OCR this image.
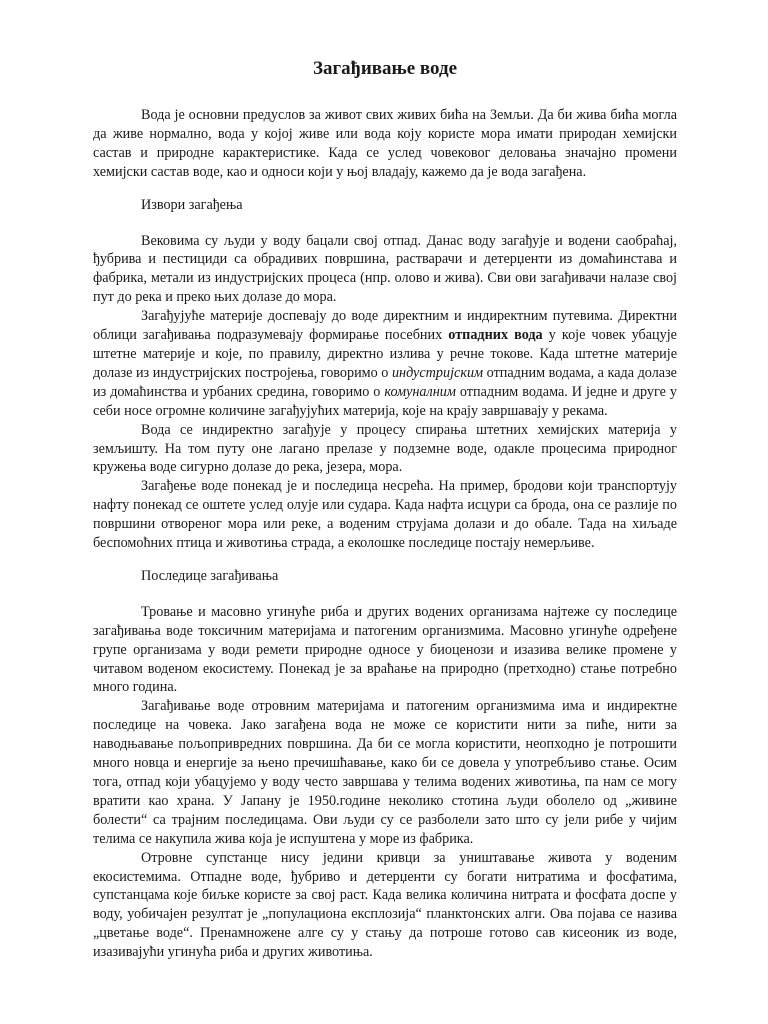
Загађивање воде

Вода је основни предуслов за живот свих живих бића на Земљи. Да би жива бића могла да живе нормално, вода у којој живе или вода коју користе мора имати природан хемијски састав и природне карактеристике. Када се услед човековог деловања значајно промени хемијски састав воде, као и односи који у њој владају, кажемо да је вода загађена.

Извори загађења

Вековима су људи у воду бацали свој отпад. Данас воду загађује и водени саобраћај, ђубрива и пестициди са обрадивих површина, растварачи и детерџенти из домаћинстава и фабрика, метали из индустријских процеса (нпр. олово и жива). Сви ови загађивачи налазе свој пут до река и преко њих долазе до мора.

Загађујуће материје доспевају до воде директним и индиректним путевима. Директни облици загађивања подразумевају формирање посебних отпадних вода у које човек убацује штетне материје и које, по правилу, директно излива у речне токове. Када штетне материје долазе из индустријских постројења, говоримо о индустријским отпадним водама, а када долазе из домаћинства и урбаних средина, говоримо о комуналним отпадним водама. И једне и друге у себи носе огромне количине загађујућих материја, које на крају завршавају у рекама.

Вода се индиректно загађује у процесу спирања штетних хемијских материја у земљишту. На том путу оне лагано прелазе у подземне воде, одакле процесима природног кружења воде сигурно долазе до река, језера, мора.

Загађење воде понекад је и последица несрећа. На пример, бродови који транспортују нафту понекад се оштете услед олује или судара. Када нафта исцури са брода, она се разлије по површини отвореног мора или реке, а воденим струјама долази и до обале. Тада на хиљаде беспомоћних птица и животиња страда, а еколошке последице постају немерљиве.

Последице загађивања

Тровање и масовно угинуће риба и других водених организама најтеже су последице загађивања воде токсичним материјама и патогеним организмима. Масовно угинуће одређене групе организама у води ремети природне односе у биоценози и изазива велике промене у читавом воденом екосистему. Понекад је за враћање на природно (претходно) стање потребно много година.

Загађивање воде отровним материјама и патогеним организмима има и индиректне последице на човека. Јако загађена вода не може се користити нити за пиће, нити за наводњавање пољопривредних површина. Да би се могла користити, неопходно је потрошити много новца и енергије за њено пречишћавање, како би се довела у употребљиво стање. Осим тога, отпад који убацујемо у воду често завршава у телима водених животиња, па нам се могу вратити као храна. У Јапану је 1950.године неколико стотина људи оболело од „живине болести“ са трајним последицама. Ови људи су се разболели зато што су јели рибе у чијим телима се накупила жива која је испуштена у море из фабрика.

Отровне супстанце нису једини кривци за уништавање живота у воденим екосистемима. Отпадне воде, ђубриво и детерџенти су богати нитратима и фосфатима, супстанцама које биљке користе за свој раст. Када велика количина нитрата и фосфата доспе у воду, уобичајен резултат је „популациона експлозија“ планктонских алги. Ова појава се назива „цветање воде“. Пренамножене алге су у стању да потроше готово сав кисеоник из воде, изазивајући угинућа риба и других животиња.
